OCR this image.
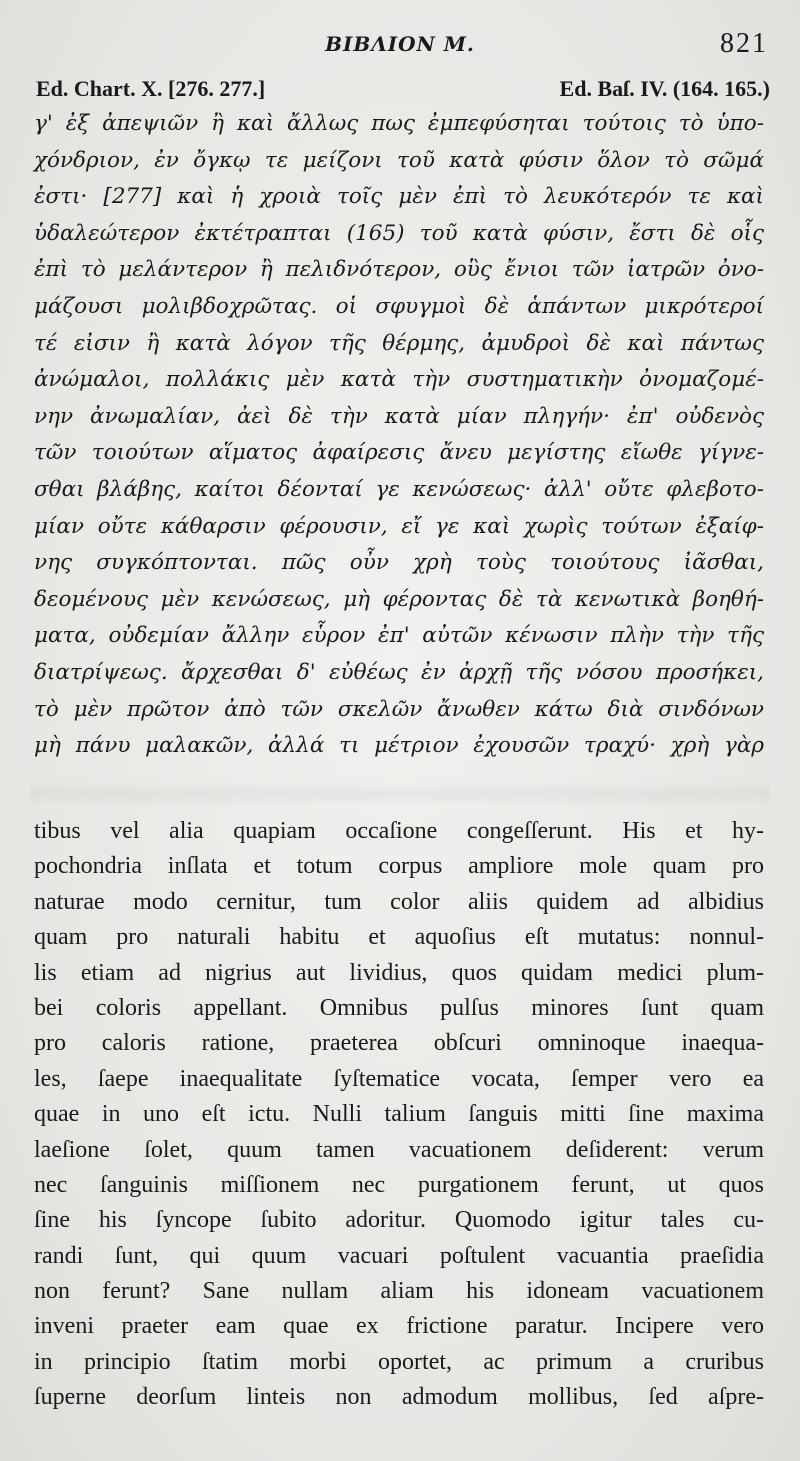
BIBΛIOΝ M.	821
Ed. Chart. X. [276. 277.]	Ed. Baſ. IV. (164. 165.)
γ' ἐξ ἀπεψιῶν ἢ καὶ ἄλλως πως ἐμπεφύσηται τούτοις τὸ ὑπο-
χόνδριον, ἐν ὄγκῳ τε μείζονι τοῦ κατὰ φύσιν ὅλον τὸ σῶμά
ἐστι· [277] καὶ ἡ χροιὰ τοῖς μὲν ἐπὶ τὸ λευκότερόν τε καὶ
ὑδαλεώτερον ἐκτέτραπται (165) τοῦ κατὰ φύσιν, ἔστι δὲ οἷς
ἐπὶ τὸ μελάντερον ἢ πελιδνότερον, οὓς ἔνιοι τῶν ἰατρῶν ὀνο-
μάζουσι μολιβδοχρῶτας. οἱ σφυγμοὶ δὲ ἁπάντων μικρότεροί
τέ εἰσιν ἢ κατὰ λόγον τῆς θέρμης, ἀμυδροὶ δὲ καὶ πάντως
ἀνώμαλοι, πολλάκις μὲν κατὰ τὴν συστηματικὴν ὀνομαζομέ-
νην ἀνωμαλίαν, ἀεὶ δὲ τὴν κατὰ μίαν πληγήν· ἐπ' οὐδενὸς
τῶν τοιούτων αἵματος ἀφαίρεσις ἄνευ μεγίστης εἴωθε γίγνε-
σθαι βλάβης, καίτοι δέονταί γε κενώσεως· ἀλλ' οὔτε φλεβοτο-
μίαν οὔτε κάθαρσιν φέρουσιν, εἴ γε καὶ χωρὶς τούτων ἐξαίφ-
νης συγκόπτονται. πῶς οὖν χρὴ τοὺς τοιούτους ἰᾶσθαι,
δεομένους μὲν κενώσεως, μὴ φέροντας δὲ τὰ κενωτικὰ βοηθή-
ματα, οὐδεμίαν ἄλλην εὗρον ἐπ' αὐτῶν κένωσιν πλὴν τὴν τῆς
διατρίψεως. ἄρχεσθαι δ' εὐθέως ἐν ἀρχῇ τῆς νόσου προσήκει,
τὸ μὲν πρῶτον ἀπὸ τῶν σκελῶν ἄνωθεν κάτω διὰ σινδόνων
μὴ πάνυ μαλακῶν, ἀλλά τι μέτριον ἐχουσῶν τραχύ· χρὴ γὰρ
tibus vel alia quapiam occaſione congeſſerunt. His et hy-
pochondria inſlata et totum corpus ampliore mole quam pro
naturae modo cernitur, tum color aliis quidem ad albidius
quam pro naturali habitu et aquoſius eſt mutatus: nonnul-
lis etiam ad nigrius aut lividius, quos quidam medici plum-
bei coloris appellant. Omnibus pulſus minores ſunt quam
pro caloris ratione, praeterea obſcuri omninoque inaequa-
les, ſaepe inaequalitate ſyſtematice vocata, ſemper vero ea
quae in uno eſt ictu. Nulli talium ſanguis mitti ſine maxima
laeſione ſolet, quum tamen vacuationem deſiderent: verum
nec ſanguinis miſſionem nec purgationem ferunt, ut quos
ſine his ſyncope ſubito adoritur. Quomodo igitur tales cu-
randi ſunt, qui quum vacuari poſtulent vacuantia praeſidia
non ferunt? Sane nullam aliam his idoneam vacuationem
inveni praeter eam quae ex frictione paratur. Incipere vero
in principio ſtatim morbi oportet, ac primum a cruribus
ſuperne deorſum linteis non admodum mollibus, ſed aſpre-
